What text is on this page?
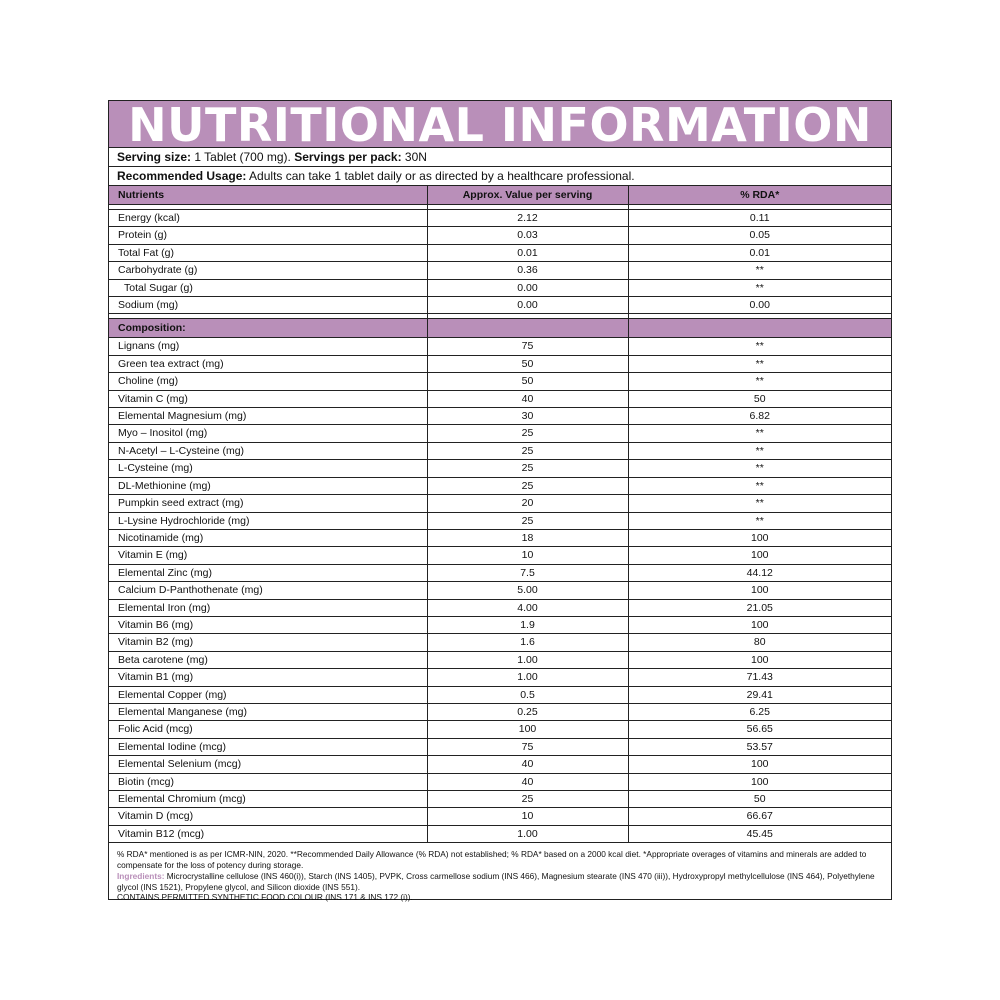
NUTRITIONAL INFORMATION
Serving size: 1 Tablet (700 mg). Servings per pack: 30N
Recommended Usage: Adults can take 1 tablet daily or as directed by a healthcare professional.
Nutrients	Approx. Value per serving	% RDA*

Energy (kcal)	2.12	0.11
Protein (g)	0.03	0.05
Total Fat (g)	0.01	0.01
Carbohydrate (g)	0.36	**
Total Sugar (g)	0.00	**
Sodium (mg)	0.00	0.00

Composition:		
Lignans (mg)	75	**
Green tea extract (mg)	50	**
Choline (mg)	50	**
Vitamin C (mg)	40	50
Elemental Magnesium (mg)	30	6.82
Myo – Inositol (mg)	25	**
N-Acetyl – L-Cysteine (mg)	25	**
L-Cysteine (mg)	25	**
DL-Methionine (mg)	25	**
Pumpkin seed extract (mg)	20	**
L-Lysine Hydrochloride (mg)	25	**
Nicotinamide (mg)	18	100
Vitamin E (mg)	10	100
Elemental Zinc (mg)	7.5	44.12
Calcium D-Panthothenate (mg)	5.00	100
Elemental Iron (mg)	4.00	21.05
Vitamin B6 (mg)	1.9	100
Vitamin B2 (mg)	1.6	80
Beta carotene (mg)	1.00	100
Vitamin B1 (mg)	1.00	71.43
Elemental Copper (mg)	0.5	29.41
Elemental Manganese (mg)	0.25	6.25
Folic Acid (mcg)	100	56.65
Elemental Iodine (mcg)	75	53.57
Elemental Selenium (mcg)	40	100
Biotin (mcg)	40	100
Elemental Chromium (mcg)	25	50
Vitamin D (mcg)	10	66.67
Vitamin B12 (mcg)	1.00	45.45

% RDA* mentioned is as per ICMR-NIN, 2020. **Recommended Daily Allowance (% RDA) not established; % RDA* based on a 2000 kcal diet. *Appropriate overages of vitamins and minerals are added to compensate for the loss of potency during storage.

Ingredients: Microcrystalline cellulose (INS 460(i)), Starch (INS 1405), PVPK, Cross carmellose sodium (INS 466), Magnesium stearate (INS 470 (iii)), Hydroxypropyl methylcellulose (INS 464), Polyethylene glycol (INS 1521), Propylene glycol, and Silicon dioxide (INS 551).

CONTAINS PERMITTED SYNTHETIC FOOD COLOUR (INS 171 & INS 172 (i)).
